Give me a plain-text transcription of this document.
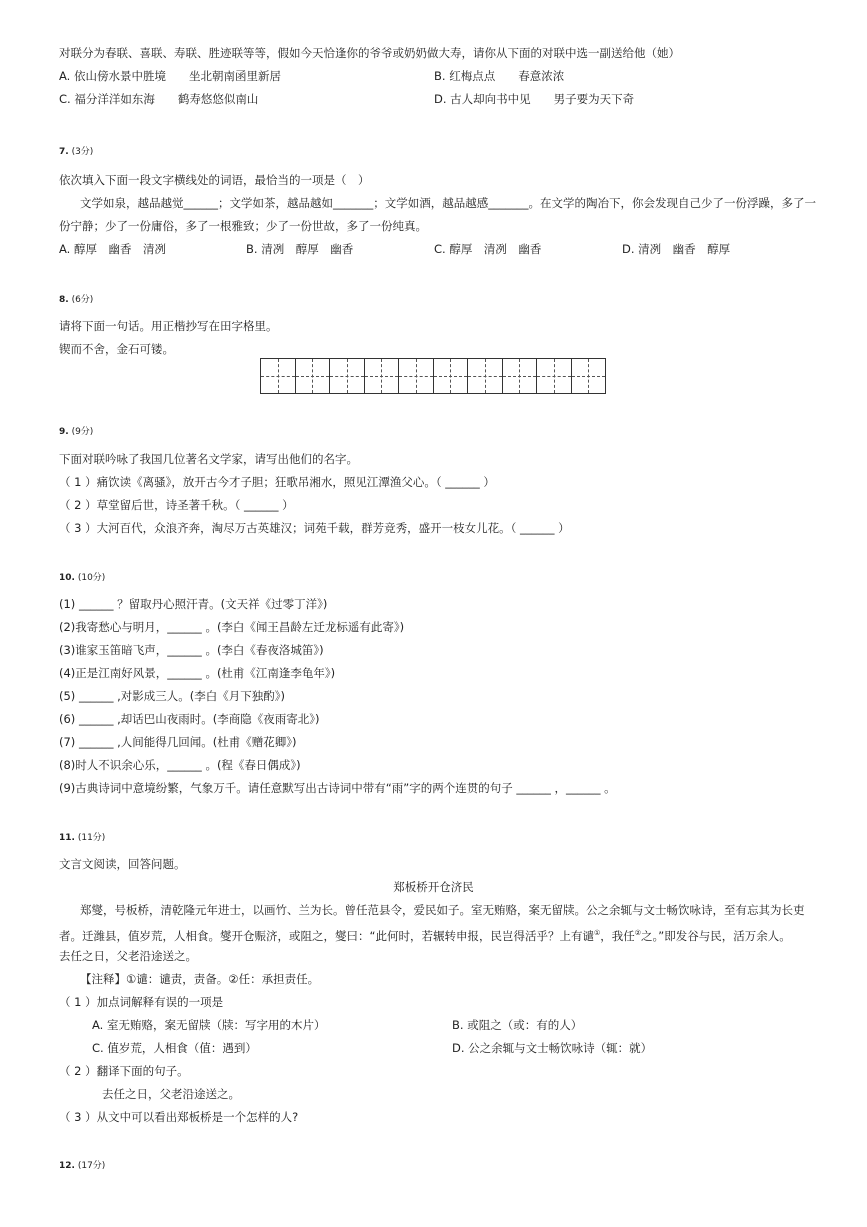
对联分为春联、喜联、寿联、胜迹联等等，假如今天恰逢你的爷爷或奶奶做大寿，请你从下面的对联中选一副送给他（她）
A. 依山傍水景中胜境　　坐北朝南函里新居	B. 红梅点点　　春意浓浓
C. 福分洋洋如东海　　鹤寿悠悠似南山	D. 古人却向书中见　　男子要为天下奇
7. (3分)
依次填入下面一段文字横线处的词语，最恰当的一项是（　）
文学如泉，越品越觉______；文学如茶，越品越如_______；文学如酒，越品越感_______。在文学的陶冶下，你会发现自己少了一份浮躁，多了一
份宁静；少了一份庸俗，多了一根雅致；少了一份世故，多了一份纯真。
A. 醇厚　幽香　清冽	B. 清冽　醇厚　幽香	C. 醇厚　清冽　幽香	D. 清冽　幽香　醇厚
8. (6分)
请将下面一句话。用正楷抄写在田字格里。
锲而不舍，金石可镂。
9. (9分)
下面对联吟咏了我国几位著名文学家，请写出他们的名字。
（ 1 ）痛饮读《离骚》，放开古今才子胆；狂歌吊湘水，照见江潭渔父心。（ ______ ）
（ 2 ）草堂留后世，诗圣著千秋。（ ______ ）
（ 3 ）大河百代，众浪齐奔，淘尽万古英雄汉；词苑千载，群芳竞秀，盛开一枝女儿花。（ ______ ）
10. (10分)
(1) ______ ？留取丹心照汗青。(文天祥《过零丁洋》)
(2)我寄愁心与明月，______ 。(李白《闻王昌龄左迁龙标遥有此寄》)
(3)谁家玉笛暗飞声，______ 。(李白《春夜洛城笛》)
(4)正是江南好风景，______ 。(杜甫《江南逢李龟年》)
(5) ______ ,对影成三人。(李白《月下独酌》)
(6) ______ ,却话巴山夜雨时。(李商隐《夜雨寄北》)
(7) ______ ,人间能得几回闻。(杜甫《赠花卿》)
(8)时人不识余心乐，______ 。(程《春日偶成》)
(9)古典诗词中意境纷繁，气象万千。请任意默写出古诗词中带有“雨”字的两个连贯的句子 ______ ，______ 。
11. (11分)
文言文阅读，回答问题。
郑板桥开仓济民
郑燮，号板桥，清乾隆元年进士，以画竹、兰为长。曾任范县令，爱民如子。室无贿赂，案无留牍。公之余辄与文士畅饮咏诗，至有忘其为长吏
者。迁潍县，值岁荒，人相食。燮开仓赈济，或阻之，燮曰：“此何时，若辗转申报，民岂得活乎？上有谴①，我任②之。”即发谷与民，活万余人。
去任之日，父老沿途送之。
【注释】①谴：谴责，责备。②任：承担责任。
（ 1 ）加点词解释有误的一项是
A. 室无贿赂，案无留牍（牍：写字用的木片）	B. 或阻之（或：有的人）
C. 值岁荒，人相食（值：遇到）	D. 公之余辄与文士畅饮咏诗（辄：就）
（ 2 ）翻译下面的句子。
去任之日，父老沿途送之。
（ 3 ）从文中可以看出郑板桥是一个怎样的人?
12. (17分)
